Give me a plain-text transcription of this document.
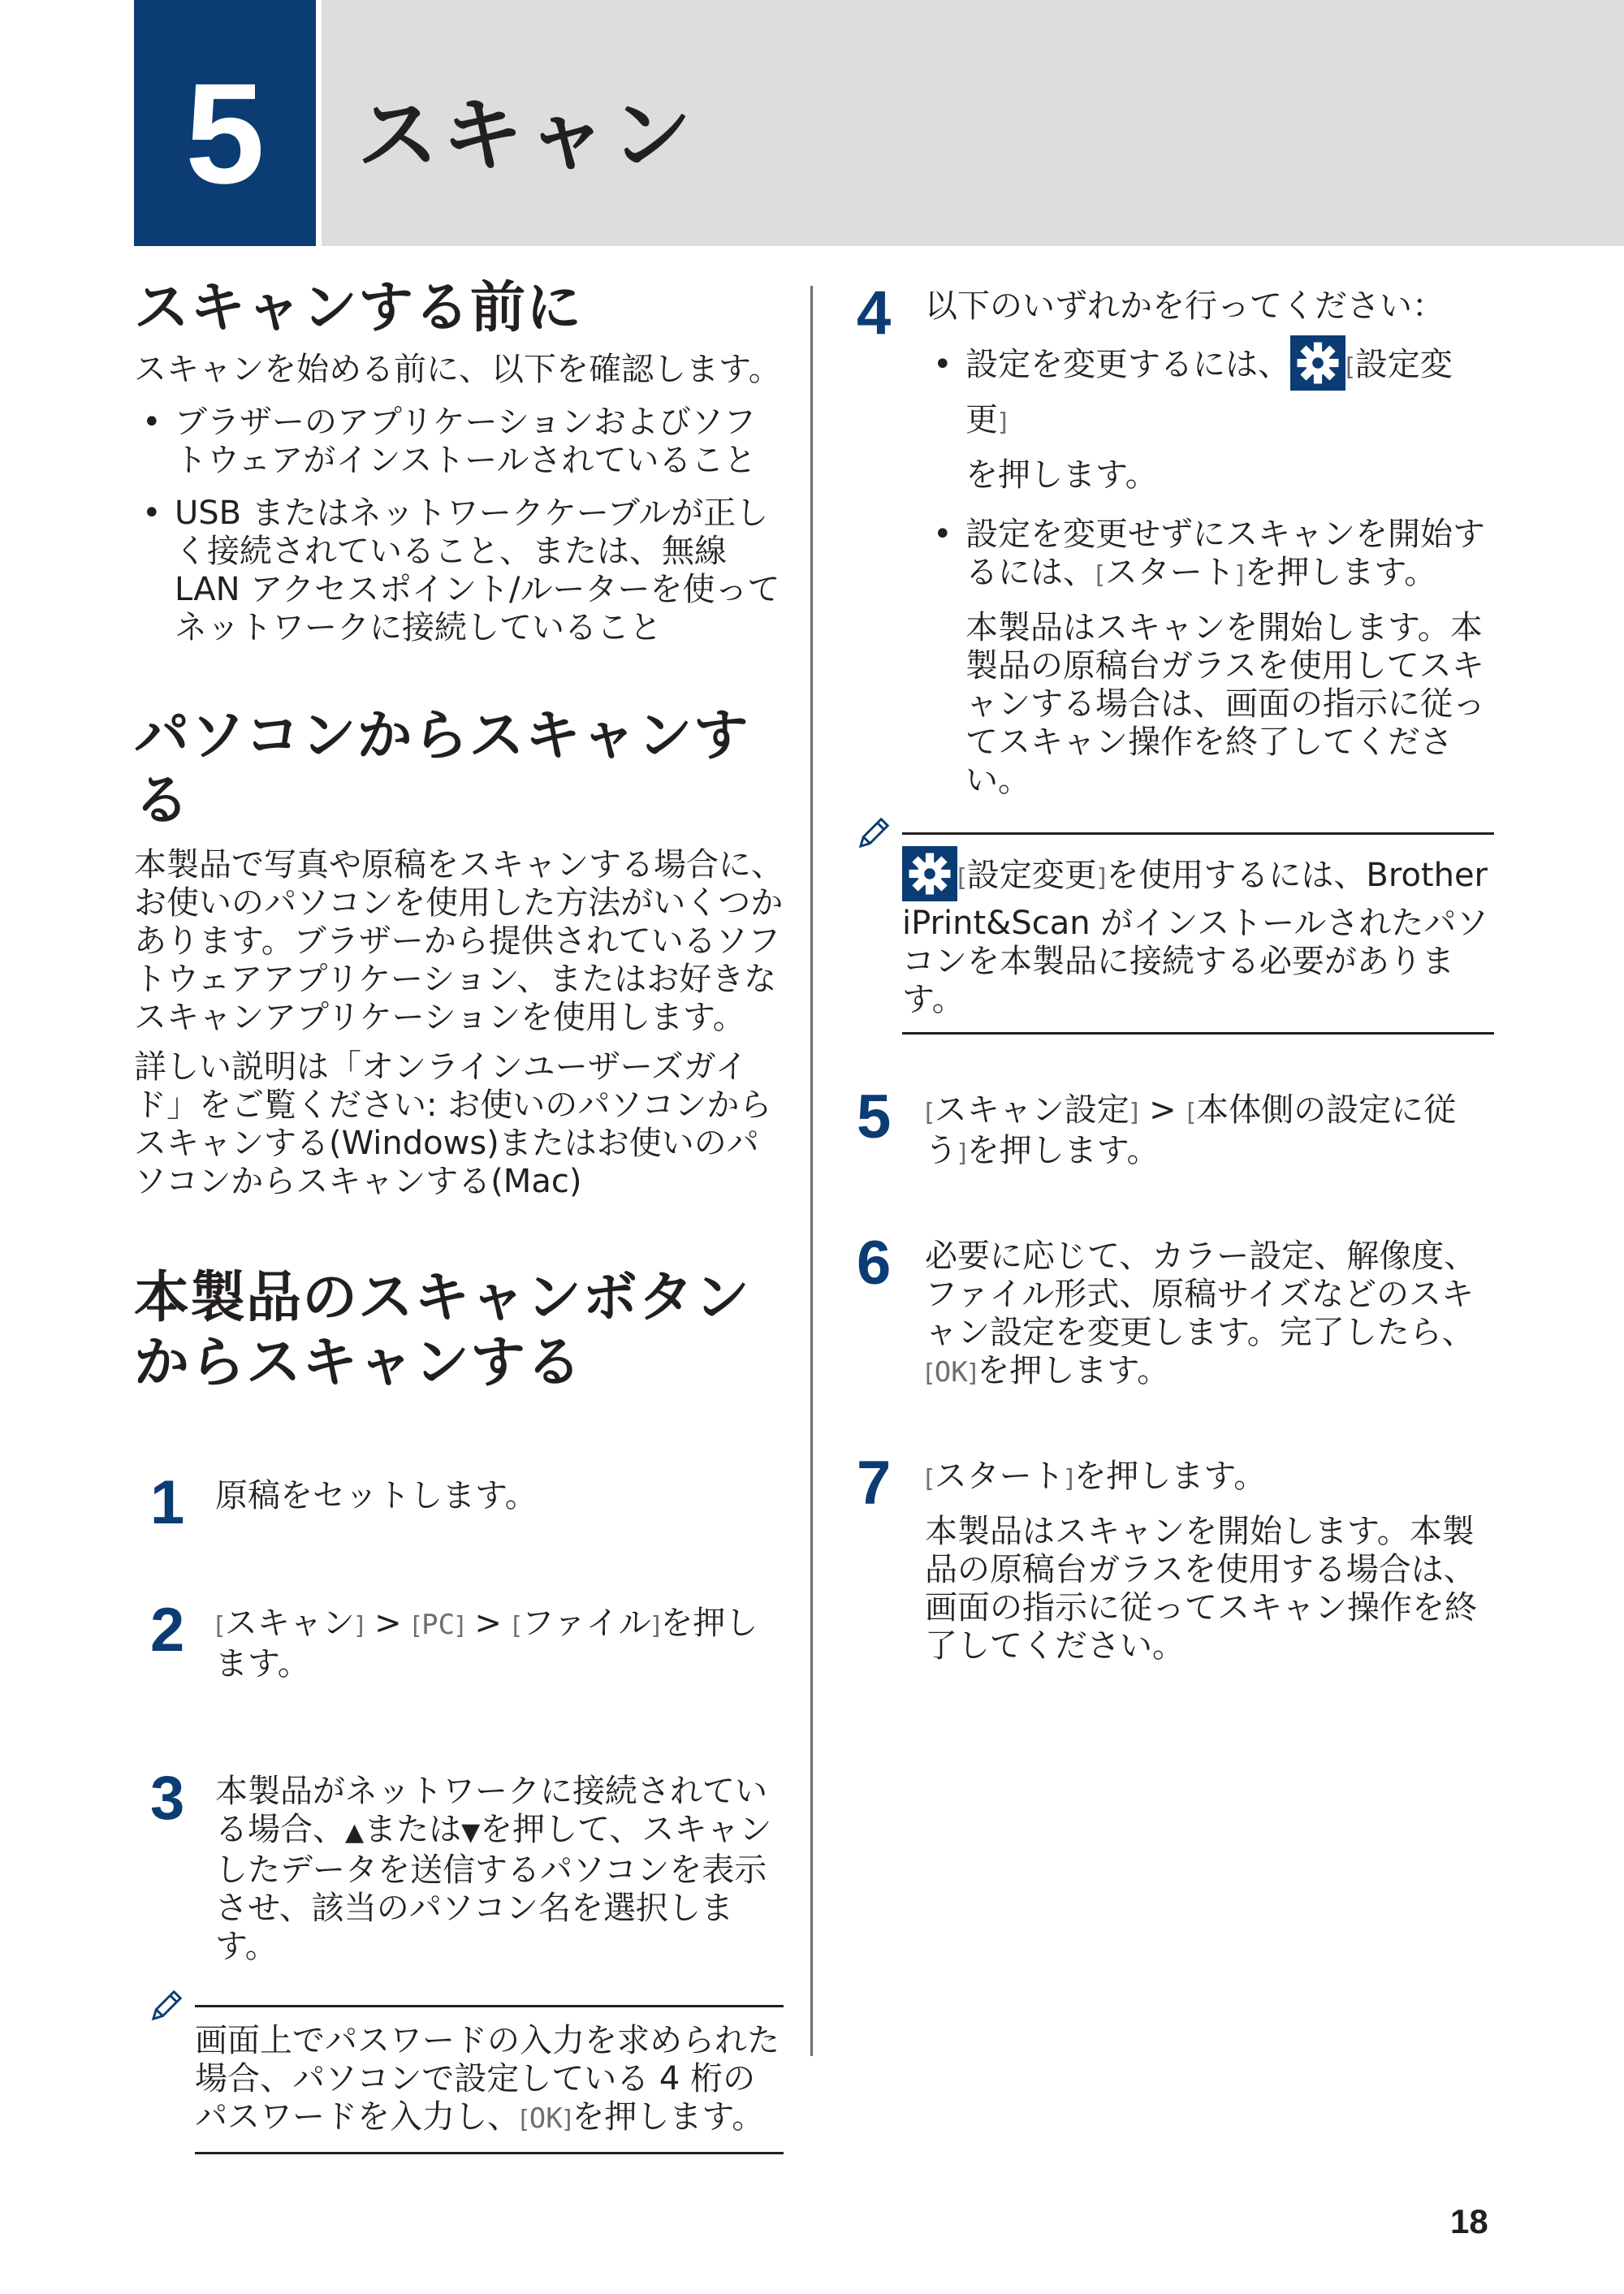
5	スキャン
スキャンする前に

スキャンを始める前に、以下を確認します。

• ブラザーのアプリケーションおよびソフトウェアがインストールされていること
• USB またはネットワークケーブルが正しく接続されていること、または、無線 LAN アクセスポイント/ルーターを使ってネットワークに接続していること
パソコンからスキャンする

本製品で写真や原稿をスキャンする場合に、お使いのパソコンを使用した方法がいくつかあります。ブラザーから提供されているソフトウェアアプリケーション、またはお好きなスキャンアプリケーションを使用します。

詳しい説明は「オンラインユーザーズガイド」をご覧ください: お使いのパソコンからスキャンする(Windows)またはお使いのパソコンからスキャンする(Mac)

本製品のスキャンボタンからスキャンする
1 原稿をセットします。
2 [スキャン] > [PC] > [ファイル]を押します。
3 本製品がネットワークに接続されている場合、▲または▼を押して、スキャンしたデータを送信するパソコンを表示させ、該当のパソコン名を選択します。
画面上でパスワードの入力を求められた場合、パソコンで設定している 4 桁のパスワードを入力し、[OK]を押します。
4 以下のいずれかを行ってください：
• 設定を変更するには、 [設定変更]
を押します。
• 設定を変更せずにスキャンを開始するには、[スタート]を押します。
本製品はスキャンを開始します。本製品の原稿台ガラスを使用してスキャンする場合は、画面の指示に従ってスキャン操作を終了してください。
[設定変更]を使用するには、Brother iPrint&Scan がインストールされたパソコンを本製品に接続する必要があります。
5 [スキャン設定] > [本体側の設定に従う]を押します。
6 必要に応じて、カラー設定、解像度、ファイル形式、原稿サイズなどのスキャン設定を変更します。完了したら、[OK]を押します。
7 [スタート]を押します。
本製品はスキャンを開始します。本製品の原稿台ガラスを使用する場合は、画面の指示に従ってスキャン操作を終了してください。
18
